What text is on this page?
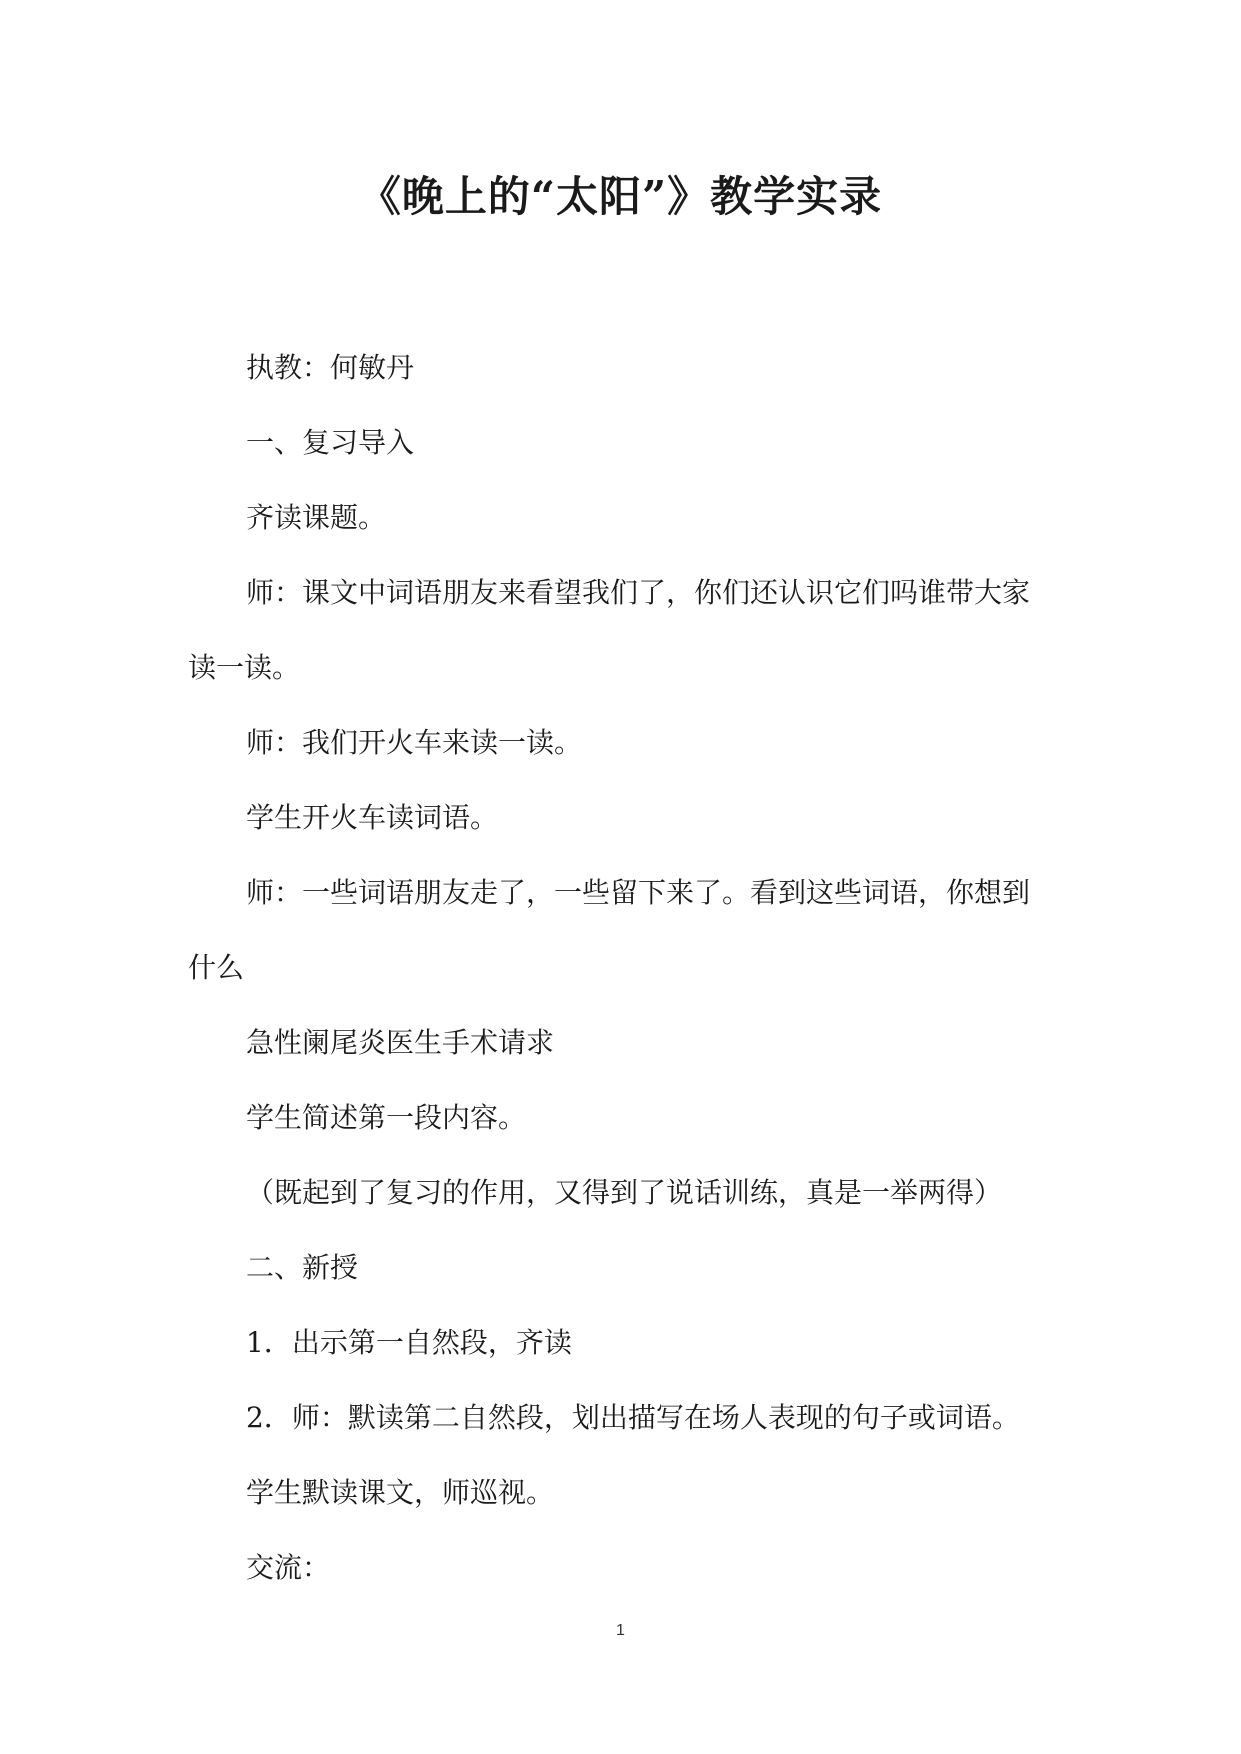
《晚上的“太阳”》教学实录

执教：何敏丹

一、复习导入

齐读课题。

师：课文中词语朋友来看望我们了，你们还认识它们吗谁带大家读一读。

师：我们开火车来读一读。

学生开火车读词语。

师：一些词语朋友走了，一些留下来了。看到这些词语，你想到什么

急性阑尾炎医生手术请求

学生简述第一段内容。

（既起到了复习的作用，又得到了说话训练，真是一举两得）

二、新授

1．出示第一自然段，齐读

2．师：默读第二自然段，划出描写在场人表现的句子或词语。

学生默读课文，师巡视。

交流：

1
